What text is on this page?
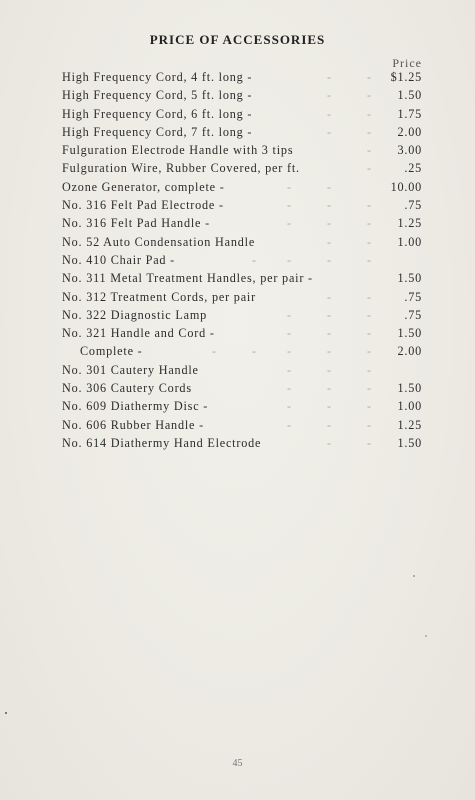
PRICE OF ACCESSORIES
Price
High Frequency Cord, 4 ft. long -	-	-	$1.25
High Frequency Cord, 5 ft. long -	-	-	1.50
High Frequency Cord, 6 ft. long -	-	-	1.75
High Frequency Cord, 7 ft. long -	-	-	2.00
Fulguration Electrode Handle with 3 tips	-	3.00
Fulguration Wire, Rubber Covered, per ft.	-	.25
Ozone Generator, complete -	-	-	10.00
No. 316 Felt Pad Electrode -	-	-	-	.75
No. 316 Felt Pad Handle -	-	-	-	1.25
No. 52 Auto Condensation Handle	-	-	1.00
No. 410 Chair Pad -	-	-	-	-
No. 311 Metal Treatment Handles, per pair -	1.50
No. 312 Treatment Cords, per pair	-	-	.75
No. 322 Diagnostic Lamp	-	-	-	.75
No. 321 Handle and Cord -	-	-	-	1.50
Complete -	-	-	-	-	-	2.00
No. 301 Cautery Handle	-	-	-
No. 306 Cautery Cords	-	-	-	1.50
No. 609 Diathermy Disc -	-	-	-	1.00
No. 606 Rubber Handle -	-	-	-	1.25
No. 614 Diathermy Hand Electrode	-	-	1.50
45
